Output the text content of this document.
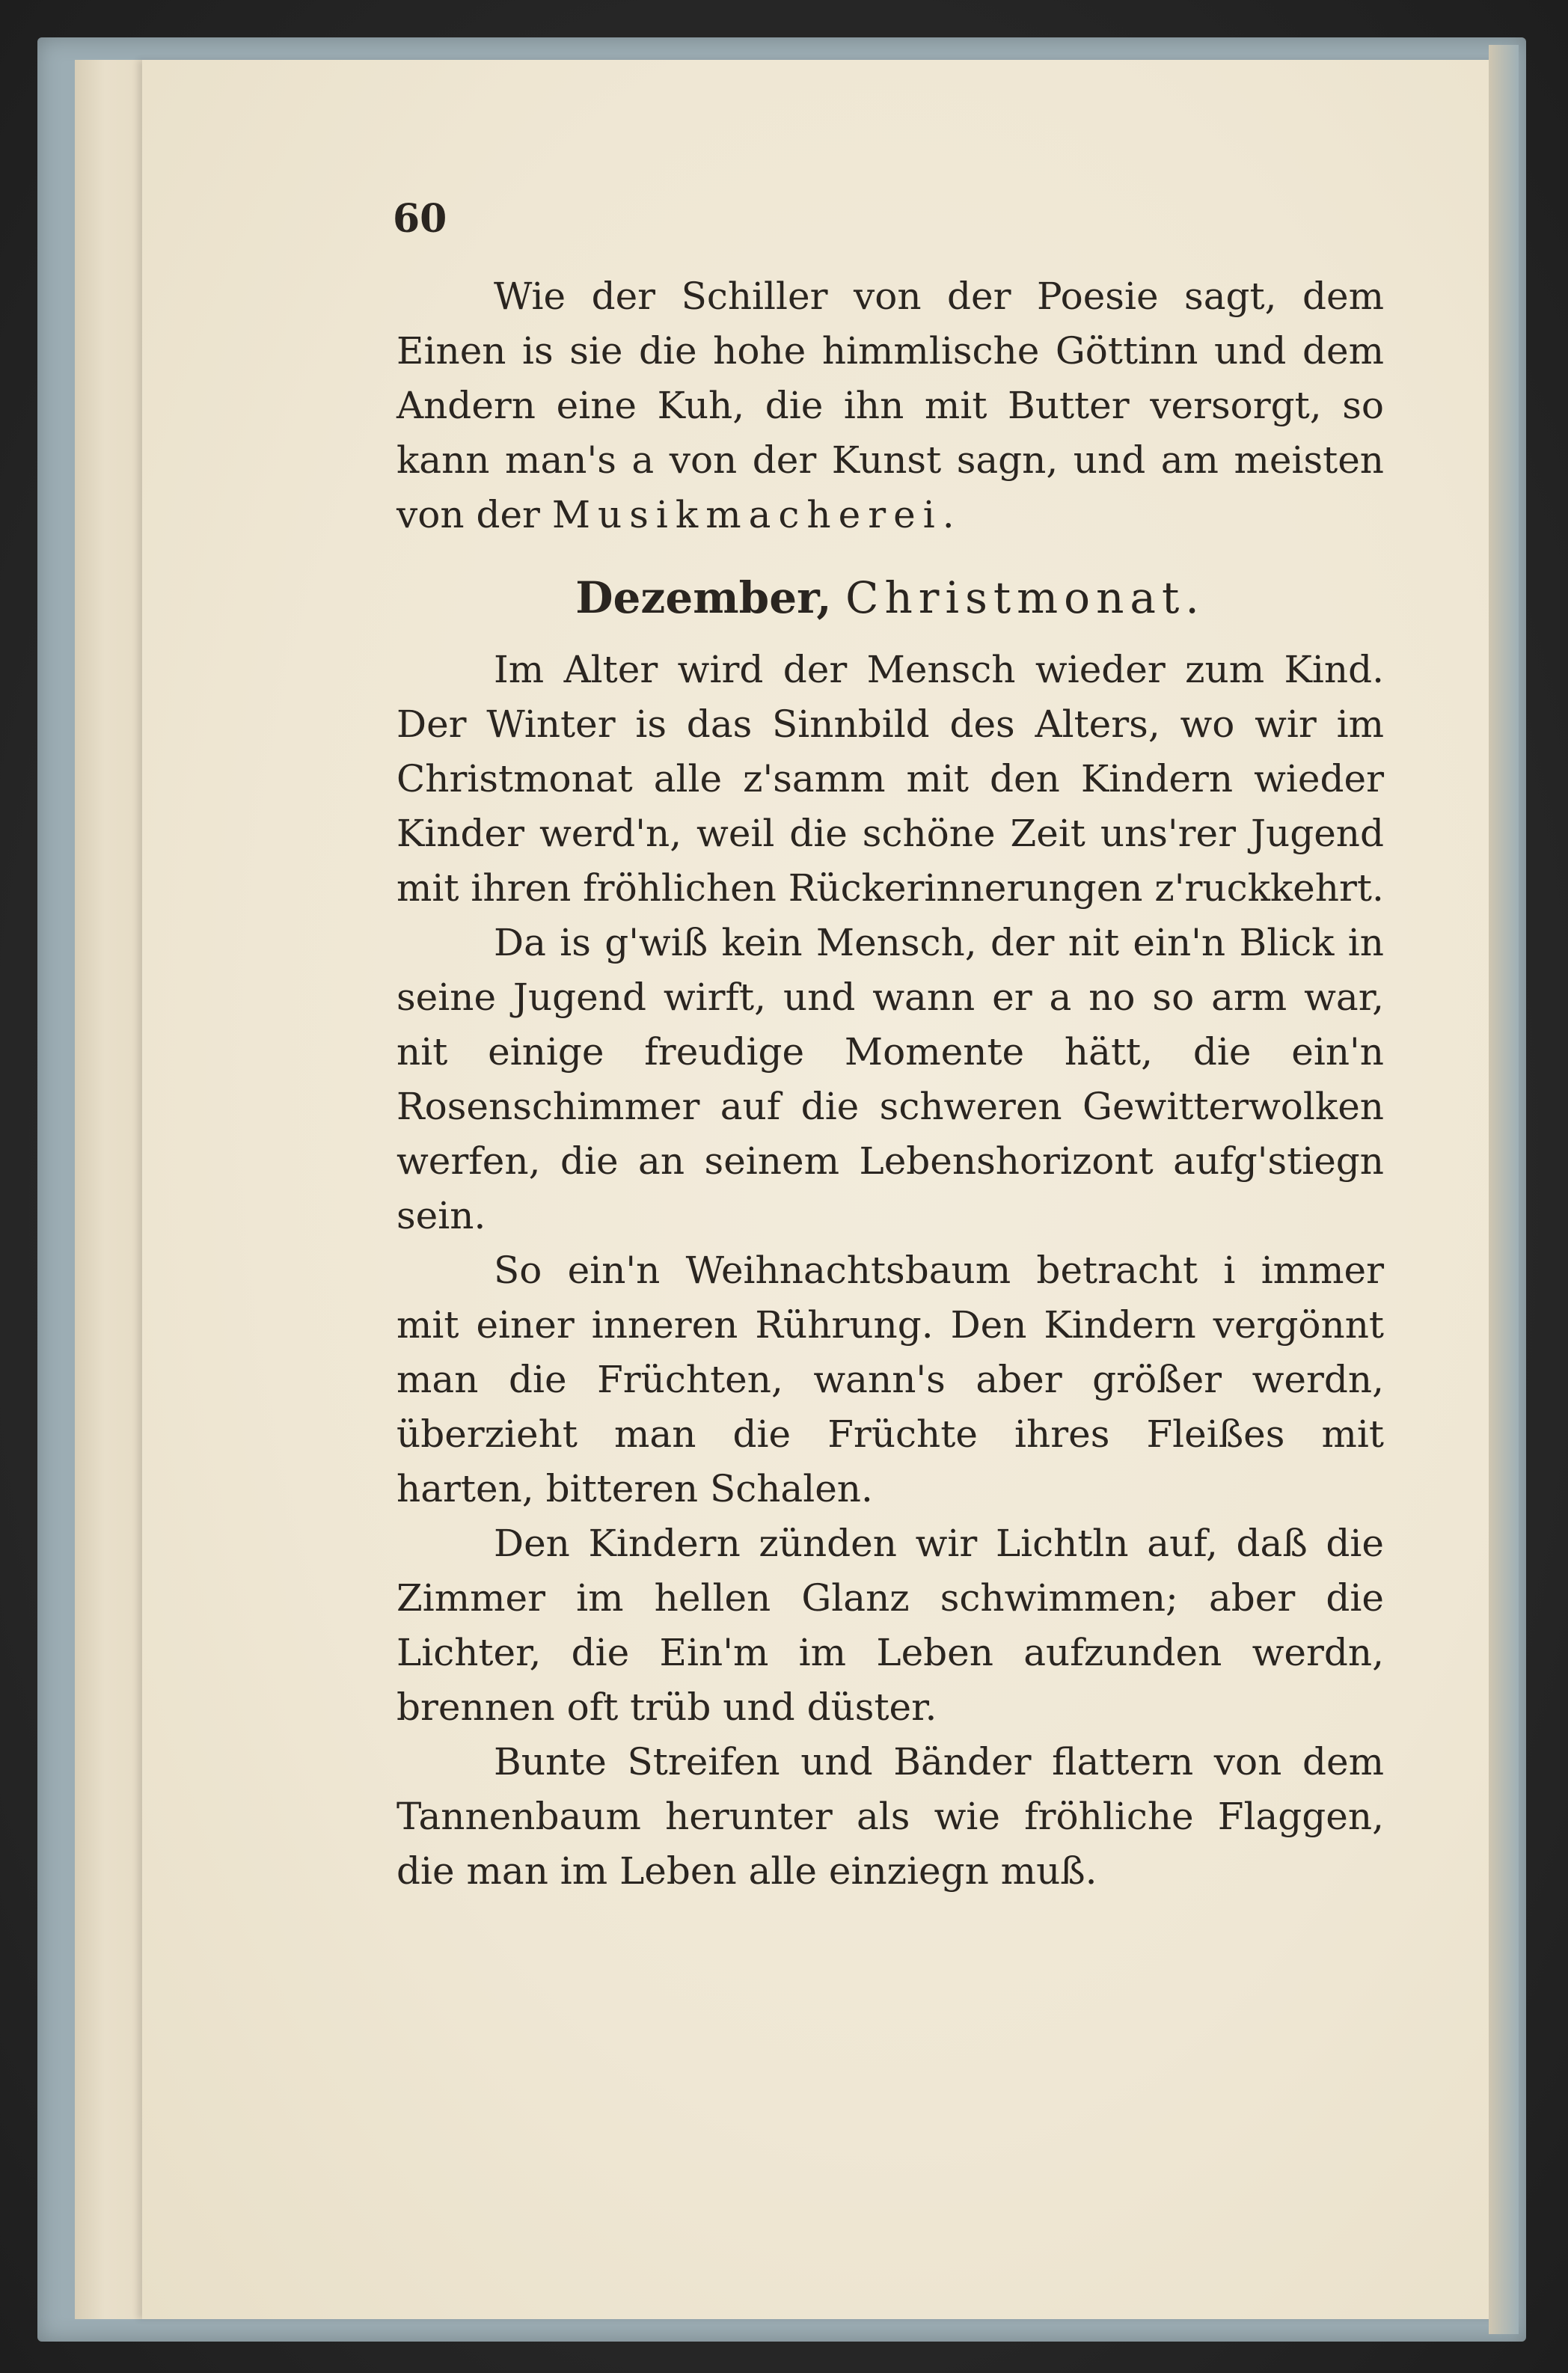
60

Wie der Schiller von der Poesie sagt, dem Einen is sie die hohe himmlische Göttinn und dem Andern eine Kuh, die ihn mit Butter versorgt, so kann man's a von der Kunst sagn, und am meisten von der Musikmacherei.

Dezember, Christmonat.

Im Alter wird der Mensch wieder zum Kind. Der Winter is das Sinnbild des Alters, wo wir im Christmonat alle z'samm mit den Kindern wieder Kinder werd'n, weil die schöne Zeit uns'rer Jugend mit ihren fröhlichen Rückerinnerungen z'ruckkehrt.

Da is g'wiß kein Mensch, der nit ein'n Blick in seine Jugend wirft, und wann er a no so arm war, nit einige freudige Momente hätt, die ein'n Rosenschimmer auf die schweren Gewitterwolken werfen, die an seinem Lebenshorizont aufg'stiegn sein.

So ein'n Weihnachtsbaum betracht i immer mit einer inneren Rührung. Den Kindern vergönnt man die Früchten, wann's aber größer werdn, überzieht man die Früchte ihres Fleißes mit harten, bitteren Schalen.

Den Kindern zünden wir Lichtln auf, daß die Zimmer im hellen Glanz schwimmen; aber die Lichter, die Ein'm im Leben aufzunden werdn, brennen oft trüb und düster.

Bunte Streifen und Bänder flattern von dem Tannenbaum herunter als wie fröhliche Flaggen, die man im Leben alle einziegn muß.
